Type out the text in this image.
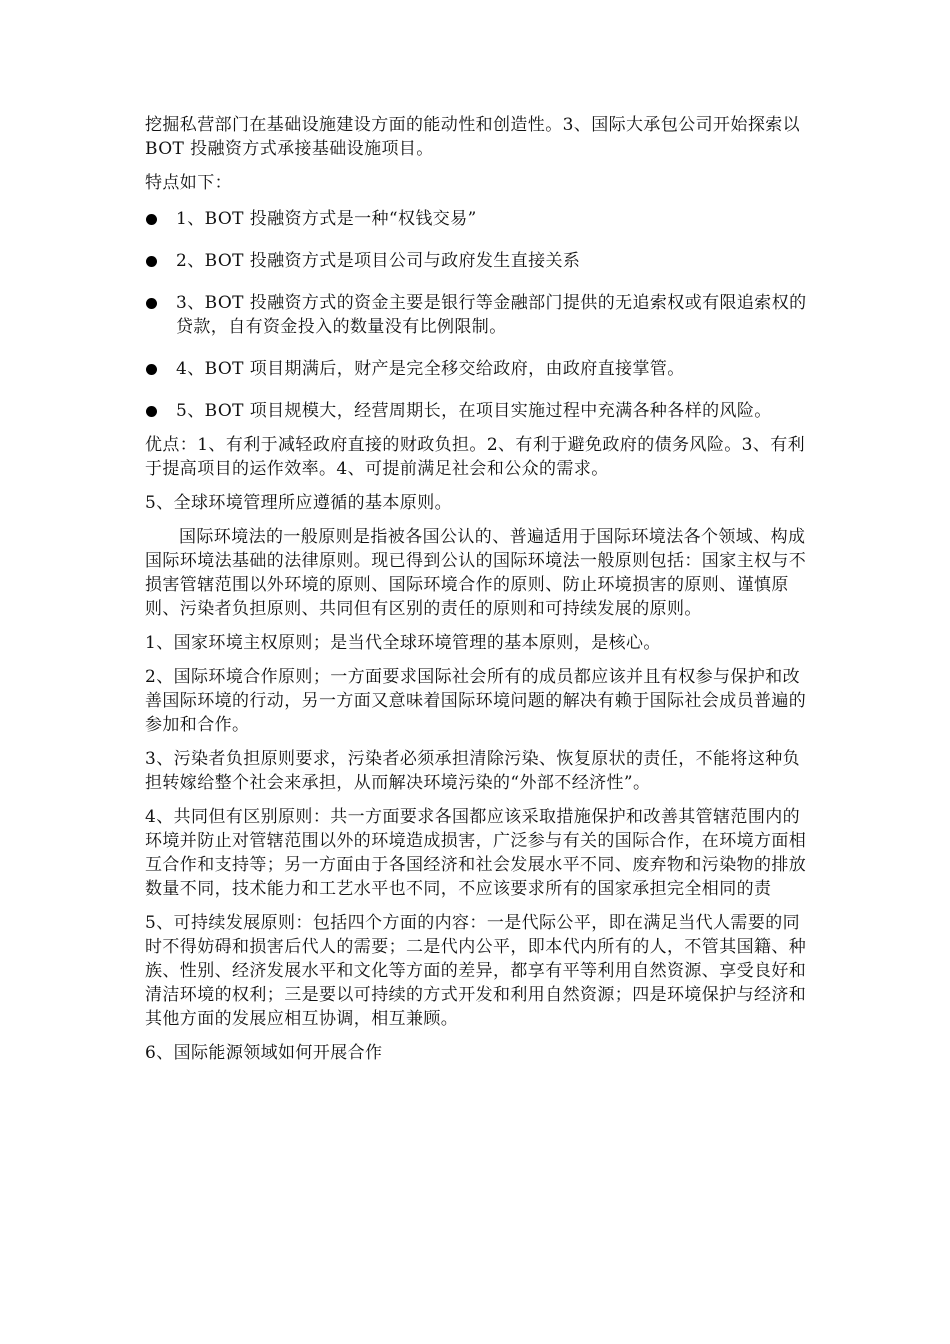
挖掘私营部门在基础设施建设方面的能动性和创造性。3、国际大承包公司开始探索以 BOT 投融资方式承接基础设施项目。

特点如下：

1、BOT 投融资方式是一种“权钱交易”
2、BOT 投融资方式是项目公司与政府发生直接关系
3、BOT 投融资方式的资金主要是银行等金融部门提供的无追索权或有限追索权的贷款，自有资金投入的数量没有比例限制。
4、BOT 项目期满后，财产是完全移交给政府，由政府直接掌管。
5、BOT 项目规模大，经营周期长，在项目实施过程中充满各种各样的风险。

优点：1、有利于减轻政府直接的财政负担。2、有利于避免政府的债务风险。3、有利于提高项目的运作效率。4、可提前满足社会和公众的需求。

5、全球环境管理所应遵循的基本原则。

国际环境法的一般原则是指被各国公认的、普遍适用于国际环境法各个领域、构成国际环境法基础的法律原则。现已得到公认的国际环境法一般原则包括：国家主权与不损害管辖范围以外环境的原则、国际环境合作的原则、防止环境损害的原则、谨慎原则、污染者负担原则、共同但有区别的责任的原则和可持续发展的原则。

1、国家环境主权原则；是当代全球环境管理的基本原则，是核心。

2、国际环境合作原则；一方面要求国际社会所有的成员都应该并且有权参与保护和改善国际环境的行动，另一方面又意味着国际环境问题的解决有赖于国际社会成员普遍的参加和合作。

3、污染者负担原则要求，污染者必须承担清除污染、恢复原状的责任，不能将这种负担转嫁给整个社会来承担，从而解决环境污染的“外部不经济性”。

4、共同但有区别原则：共一方面要求各国都应该采取措施保护和改善其管辖范围内的环境并防止对管辖范围以外的环境造成损害，广泛参与有关的国际合作，在环境方面相互合作和支持等；另一方面由于各国经济和社会发展水平不同、废弃物和污染物的排放数量不同，技术能力和工艺水平也不同，不应该要求所有的国家承担完全相同的责

5、可持续发展原则：包括四个方面的内容：一是代际公平，即在满足当代人需要的同时不得妨碍和损害后代人的需要；二是代内公平，即本代内所有的人，不管其国籍、种族、性别、经济发展水平和文化等方面的差异，都享有平等利用自然资源、享受良好和清洁环境的权利；三是要以可持续的方式开发和利用自然资源；四是环境保护与经济和其他方面的发展应相互协调，相互兼顾。

6、国际能源领域如何开展合作
